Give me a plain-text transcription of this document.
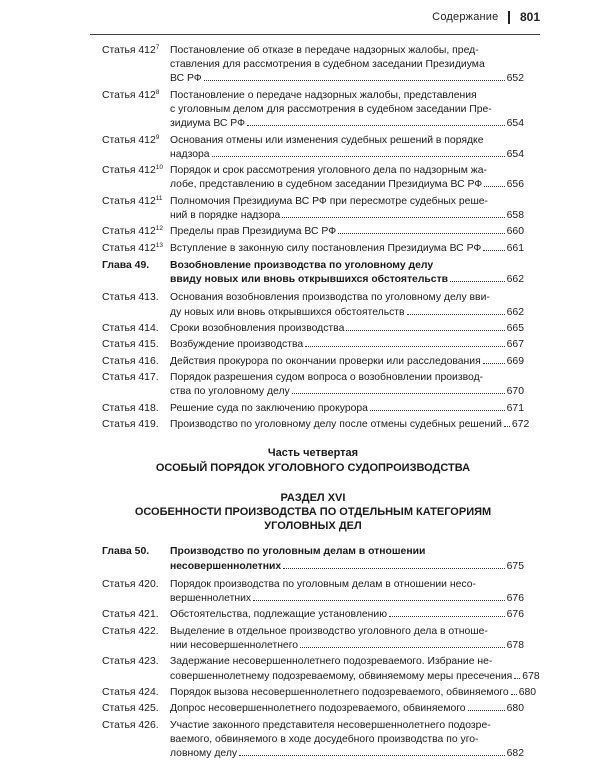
Содержание 801
Статья $412^7$	Постановление об отказе в передаче надзорных жалобы, пред-
ставления для рассмотрения в судебном заседании Президиума
ВС РФ	652
Статья $412^8$	Постановление о передаче надзорных жалобы, представления
с уголовным делом для рассмотрения в судебном заседании Пре-
зидиума ВС РФ	654
Статья $412^9$	Основания отмены или изменения судебных решений в порядке
надзора	654
Статья $412^{10}$ Порядок и срок рассмотрения уголовного дела по надзорным жа-
лобе, представлению в судебном заседании Президиума ВС РФ 656
Статья $412^{11}$ Полномочия Президиума ВС РФ при пересмотре судебных реше-
ний в порядке надзора	658
Статья $412^{12}$ Пределы прав Президиума ВС РФ	660
Статья $412^{13}$ Вступление в законную силу постановления Президиума ВС РФ 661
Глава 49.	Возобновление производства по уголовному делу
ввиду новых или вновь открывшихся обстоятельств	662
Статья 413.	Основания возобновления производства по уголовному делу вви-
ду новых или вновь открывшихся обстоятельств	662
Статья 414.	Сроки возобновления производства	665
Статья 415.	Возбуждение производства	667
Статья 416.	Действия прокурора по окончании проверки или расследования 669
Статья 417.	Порядок разрешения судом вопроса о возобновлении производ-
ства по уголовному делу	670
Статья 418.	Решение суда по заключению прокурора	671
Статья 419.	Производство по уголовному делу после отмены судебных решений 672
Часть четвертая
ОСОБЫЙ ПОРЯДОК УГОЛОВНОГО СУДОПРОИЗВОДСТВА
РАЗДЕЛ XVI
ОСОБЕННОСТИ ПРОИЗВОДСТВА ПО ОТДЕЛЬНЫМ КАТЕГОРИЯМ УГОЛОВНЫХ ДЕЛ
Глава 50.	Производство по уголовным делам в отношении
несовершеннолетних	675
Статья 420.	Порядок производства по уголовным делам в отношении несо-
вершеннолетних	676
Статья 421.	Обстоятельства, подлежащие установлению	676
Статья 422.	Выделение в отдельное производство уголовного дела в отноше-
нии несовершеннолетнего	678
Статья 423.	Задержание несовершеннолетнего подозреваемого. Избрание не-
совершеннолетнему подозреваемому, обвиняемому меры пресечения 678
Статья 424.	Порядок вызова несовершеннолетнего подозреваемого, обвиняемого 680
Статья 425.	Допрос несовершеннолетнего подозреваемого, обвиняемого	680
Статья 426.	Участие законного представителя несовершеннолетнего подозре-
ваемого, обвиняемого в ходе досудебного производства по уго-
ловному делу	682
